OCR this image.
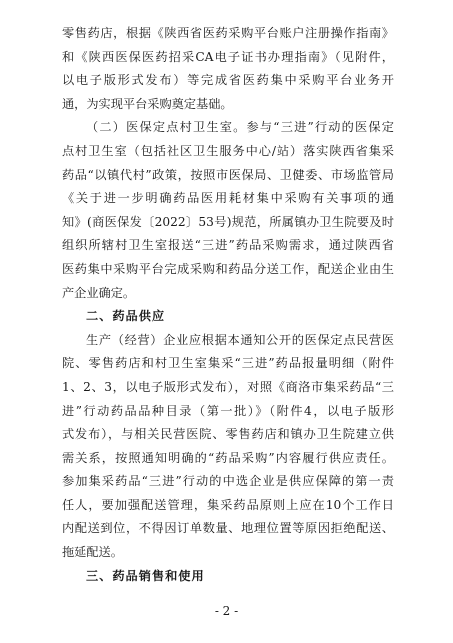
零售药店，根据《陕西省医药采购平台账户注册操作指南》
和《陕西医保医药招采CA电子证书办理指南》（见附件，
以电子版形式发布）等完成省医药集中采购平台业务开
通，为实现平台采购奠定基础。
（二）医保定点村卫生室。参与“三进”行动的医保定
点村卫生室（包括社区卫生服务中心/站）落实陕西省集采
药品“以镇代村”政策，按照市医保局、卫健委、市场监管局
《关于进一步明确药品医用耗材集中采购有关事项的通
知》(商医保发〔2022〕53号)规范，所属镇办卫生院要及时
组织所辖村卫生室报送“三进”药品采购需求，通过陕西省
医药集中采购平台完成采购和药品分送工作，配送企业由生
产企业确定。
二、药品供应
生产（经营）企业应根据本通知公开的医保定点民营医
院、零售药店和村卫生室集采“三进”药品报量明细（附件
1、2、3，以电子版形式发布），对照《商洛市集采药品“三
进”行动药品品种目录（第一批）》（附件4，以电子版形
式发布），与相关民营医院、零售药店和镇办卫生院建立供
需关系，按照通知明确的“药品采购”内容履行供应责任。
参加集采药品“三进”行动的中选企业是供应保障的第一责
任人，要加强配送管理，集采药品原则上应在10个工作日
内配送到位，不得因订单数量、地理位置等原因拒绝配送、
拖延配送。
三、药品销售和使用
- 2 -
